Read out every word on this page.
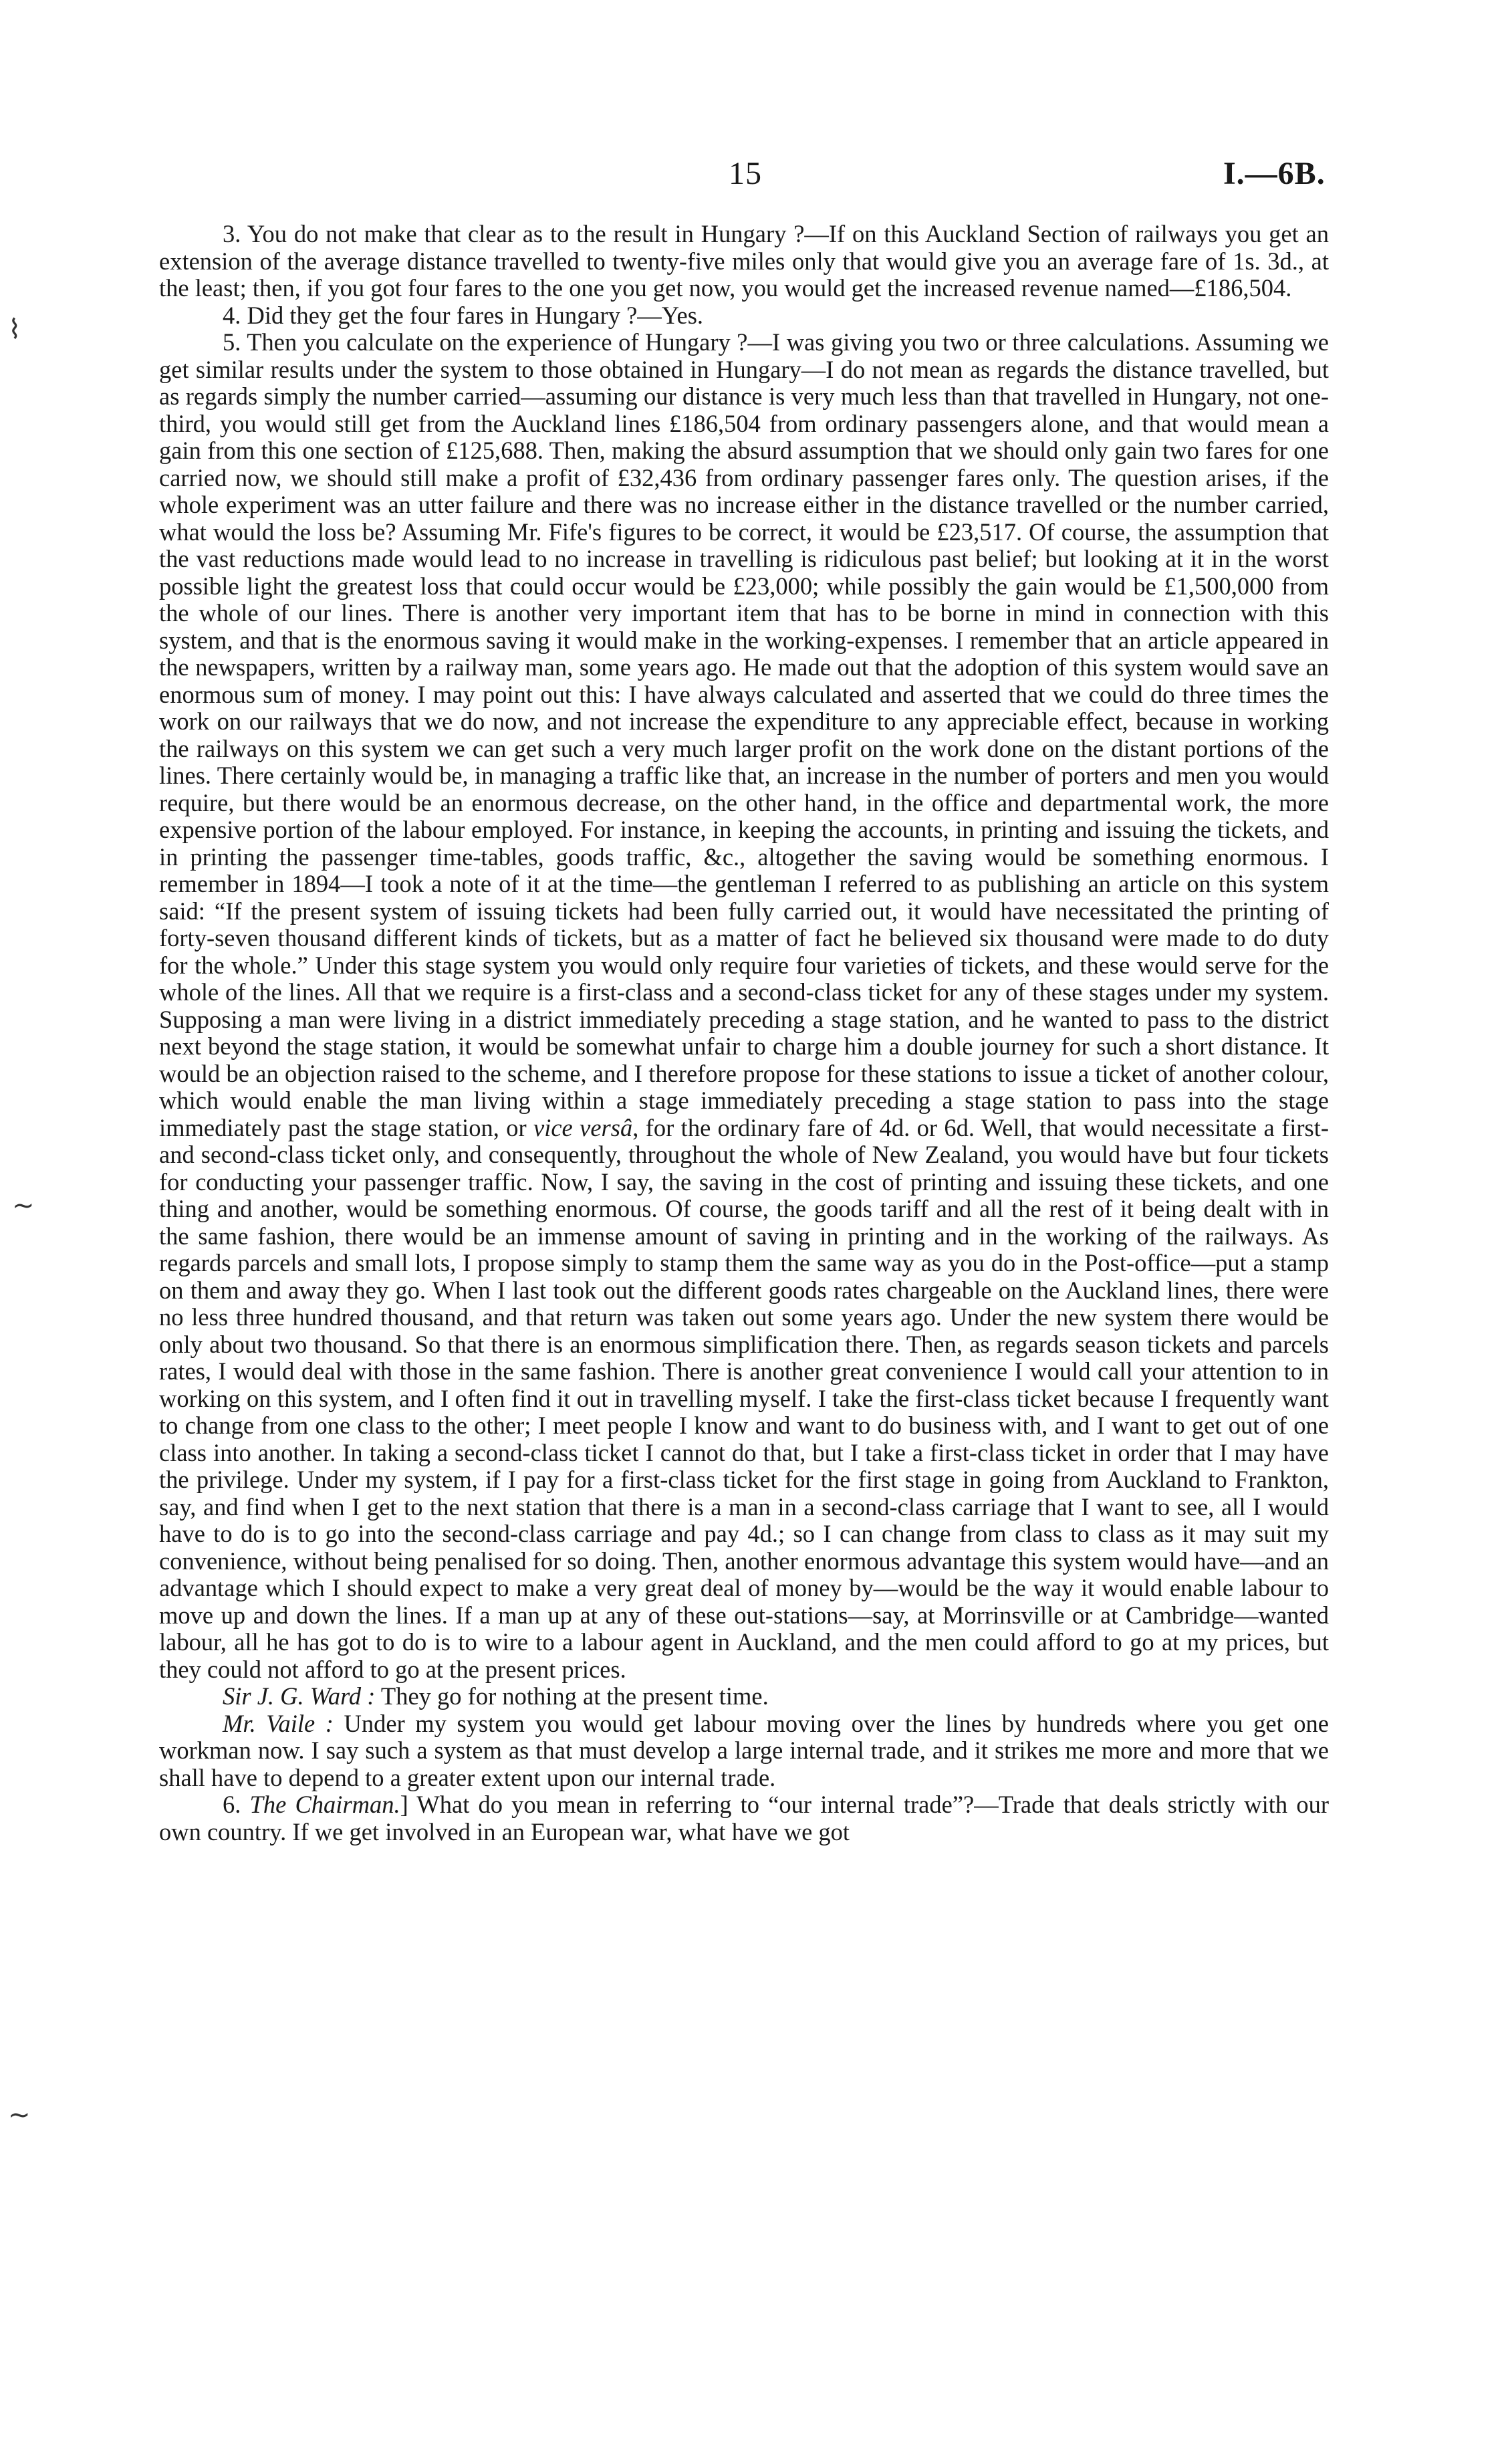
15	I.—6B.
⌇
~
~

3. You do not make that clear as to the result in Hungary ?—If on this Auckland Section of railways you get an extension of the average distance travelled to twenty-five miles only that would give you an average fare of 1s. 3d., at the least; then, if you got four fares to the one you get now, you would get the increased revenue named—£186,504.

4. Did they get the four fares in Hungary ?—Yes.

5. Then you calculate on the experience of Hungary ?—I was giving you two or three calculations. Assuming we get similar results under the system to those obtained in Hungary—I do not mean as regards the distance travelled, but as regards simply the number carried—assuming our distance is very much less than that travelled in Hungary, not one-third, you would still get from the Auckland lines £186,504 from ordinary passengers alone, and that would mean a gain from this one section of £125,688. Then, making the absurd assumption that we should only gain two fares for one carried now, we should still make a profit of £32,436 from ordinary passenger fares only. The question arises, if the whole experiment was an utter failure and there was no increase either in the distance travelled or the number carried, what would the loss be? Assuming Mr. Fife's figures to be correct, it would be £23,517. Of course, the assumption that the vast reductions made would lead to no increase in travelling is ridiculous past belief; but looking at it in the worst possible light the greatest loss that could occur would be £23,000; while possibly the gain would be £1,500,000 from the whole of our lines. There is another very important item that has to be borne in mind in connection with this system, and that is the enormous saving it would make in the working-expenses. I remember that an article appeared in the newspapers, written by a railway man, some years ago. He made out that the adoption of this system would save an enormous sum of money. I may point out this: I have always calculated and asserted that we could do three times the work on our railways that we do now, and not increase the expenditure to any appreciable effect, because in working the railways on this system we can get such a very much larger profit on the work done on the distant portions of the lines. There certainly would be, in managing a traffic like that, an increase in the number of porters and men you would require, but there would be an enormous decrease, on the other hand, in the office and departmental work, the more expensive portion of the labour employed. For instance, in keeping the accounts, in printing and issuing the tickets, and in printing the passenger time-tables, goods traffic, &c., altogether the saving would be something enormous. I remember in 1894—I took a note of it at the time—the gentleman I referred to as publishing an article on this system said: “If the present system of issuing tickets had been fully carried out, it would have necessitated the printing of forty-seven thousand different kinds of tickets, but as a matter of fact he believed six thousand were made to do duty for the whole.” Under this stage system you would only require four varieties of tickets, and these would serve for the whole of the lines. All that we require is a first-class and a second-class ticket for any of these stages under my system. Supposing a man were living in a district immediately preceding a stage station, and he wanted to pass to the district next beyond the stage station, it would be somewhat unfair to charge him a double journey for such a short distance. It would be an objection raised to the scheme, and I therefore propose for these stations to issue a ticket of another colour, which would enable the man living within a stage immediately preceding a stage station to pass into the stage immediately past the stage station, or vice versâ, for the ordinary fare of 4d. or 6d. Well, that would necessitate a first- and second-class ticket only, and consequently, throughout the whole of New Zealand, you would have but four tickets for conducting your passenger traffic. Now, I say, the saving in the cost of printing and issuing these tickets, and one thing and another, would be something enormous. Of course, the goods tariff and all the rest of it being dealt with in the same fashion, there would be an immense amount of saving in printing and in the working of the railways. As regards parcels and small lots, I propose simply to stamp them the same way as you do in the Post-office—put a stamp on them and away they go. When I last took out the different goods rates chargeable on the Auckland lines, there were no less three hundred thousand, and that return was taken out some years ago. Under the new system there would be only about two thousand. So that there is an enormous simplification there. Then, as regards season tickets and parcels rates, I would deal with those in the same fashion. There is another great convenience I would call your attention to in working on this system, and I often find it out in travelling myself. I take the first-class ticket because I frequently want to change from one class to the other; I meet people I know and want to do business with, and I want to get out of one class into another. In taking a second-class ticket I cannot do that, but I take a first-class ticket in order that I may have the privilege. Under my system, if I pay for a first-class ticket for the first stage in going from Auckland to Frankton, say, and find when I get to the next station that there is a man in a second-class carriage that I want to see, all I would have to do is to go into the second-class carriage and pay 4d.; so I can change from class to class as it may suit my convenience, without being penalised for so doing. Then, another enormous advantage this system would have—and an advantage which I should expect to make a very great deal of money by—would be the way it would enable labour to move up and down the lines. If a man up at any of these out-stations—say, at Morrinsville or at Cambridge—wanted labour, all he has got to do is to wire to a labour agent in Auckland, and the men could afford to go at my prices, but they could not afford to go at the present prices.

Sir J. G. Ward : They go for nothing at the present time.

Mr. Vaile : Under my system you would get labour moving over the lines by hundreds where you get one workman now. I say such a system as that must develop a large internal trade, and it strikes me more and more that we shall have to depend to a greater extent upon our internal trade.

6. The Chairman.] What do you mean in referring to “our internal trade”?—Trade that deals strictly with our own country. If we get involved in an European war, what have we got
